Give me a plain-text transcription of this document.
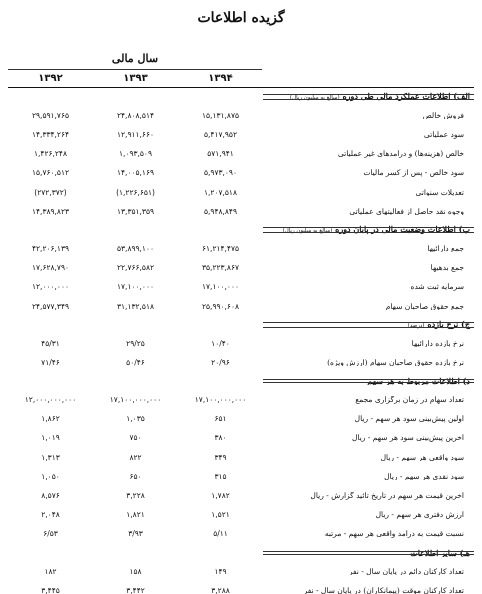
گزیده اطلاعات
سال مالی
۱۳۹۲	۱۳۹۳	۱۳۹۴
الف) اطلاعات عملکرد مالی طی دوره (مبالغ به میلیون ریال)
۲۹,۵۹۱,۷۶۵	۲۴,۸۰۸,۵۱۴	۱۵,۱۳۱,۸۷۵	فروش خالص
۱۴,۳۳۴,۲۶۴	۱۲,۹۱۱,۶۶۰	۵,۴۱۷,۹۵۲	سود عملیاتی
۱,۴۲۶,۲۴۸	۱,۰۹۳,۵۰۹	۵۷۱,۹۴۱	خالص (هزینه‌ها) و درآمدهای غیر عملیاتی
۱۵,۷۶۰,۵۱۲	۱۴,۰۰۵,۱۶۹	۵,۹۷۳,۰۹۰	سود خالص - پس از کسر مالیات
(۲۷۲,۳۷۲)	(۱,۲۲۶,۶۵۱)	۱,۲۰۷,۵۱۸	تعدیلات سنواتی
۱۴,۳۸۹,۸۲۳	۱۳,۳۵۱,۳۵۹	۵,۹۴۸,۸۴۹	وجوه نقد حاصل از فعالیتهای عملیاتی
ب) اطلاعات وضعیت مالی در پایان دوره (مبالغ به میلیون ریال)
۴۲,۲۰۶,۱۳۹	۵۳,۸۹۹,۱۰۰	۶۱,۲۱۴,۴۷۵	جمع دارائیها
۱۷,۶۲۸,۷۹۰	۲۲,۷۶۶,۵۸۲	۳۵,۲۲۳,۸۶۷	جمع بدهیها
۱۲,۰۰۰,۰۰۰	۱۷,۱۰۰,۰۰۰	۱۷,۱۰۰,۰۰۰	سرمایه ثبت شده
۲۴,۵۷۷,۳۴۹	۳۱,۱۳۲,۵۱۸	۲۵,۹۹۰,۶۰۸	جمع حقوق صاحبان سهام
ج) نرخ بازده (درصد)
۴۵/۳۱	۲۹/۲۵	۱۰/۴۰	نرخ بازده دارائیها
۷۱/۴۶	۵۰/۴۶	۲۰/۹۶	نرخ بازده حقوق صاحبان سهام (ارزش ویژه)
د) اطلاعات مربوط به هر سهم
۱۲,۰۰۰,۰۰۰,۰۰۰	۱۷,۱۰۰,۰۰۰,۰۰۰	۱۷,۱۰۰,۰۰۰,۰۰۰	تعداد سهام در زمان برگزاری مجمع
۱,۸۶۲	۱,۰۳۵	۶۵۱	اولین پیش‌بینی سود هر سهم - ریال
۱,۰۱۹	۷۵۰	۳۸۰	آخرین پیش‌بینی سود هر سهم - ریال
۱,۳۱۳	۸۲۲	۳۴۹	سود واقعی هر سهم - ریال
۱,۰۵۰	۶۵۰	۳۱۵	سود نقدی هر سهم - ریال
۸,۵۷۶	۳,۲۲۸	۱,۷۸۲	آخرین قیمت هر سهم در تاریخ تأئید گزارش - ریال
۲,۰۴۸	۱,۸۲۱	۱,۵۲۱	ارزش دفتری هر سهم - ریال
۶/۵۳	۳/۹۳	۵/۱۱	نسبت قیمت به درآمد واقعی هر سهم - مرتبه
هـ) سایر اطلاعات
۱۸۲	۱۵۸	۱۴۹	تعداد کارکنان دائم در پایان سال - نفر
۳,۴۴۵	۳,۴۴۲	۳,۲۸۸	تعداد کارکنان موقت (پیمانکاران) در پایان سال - نفر
